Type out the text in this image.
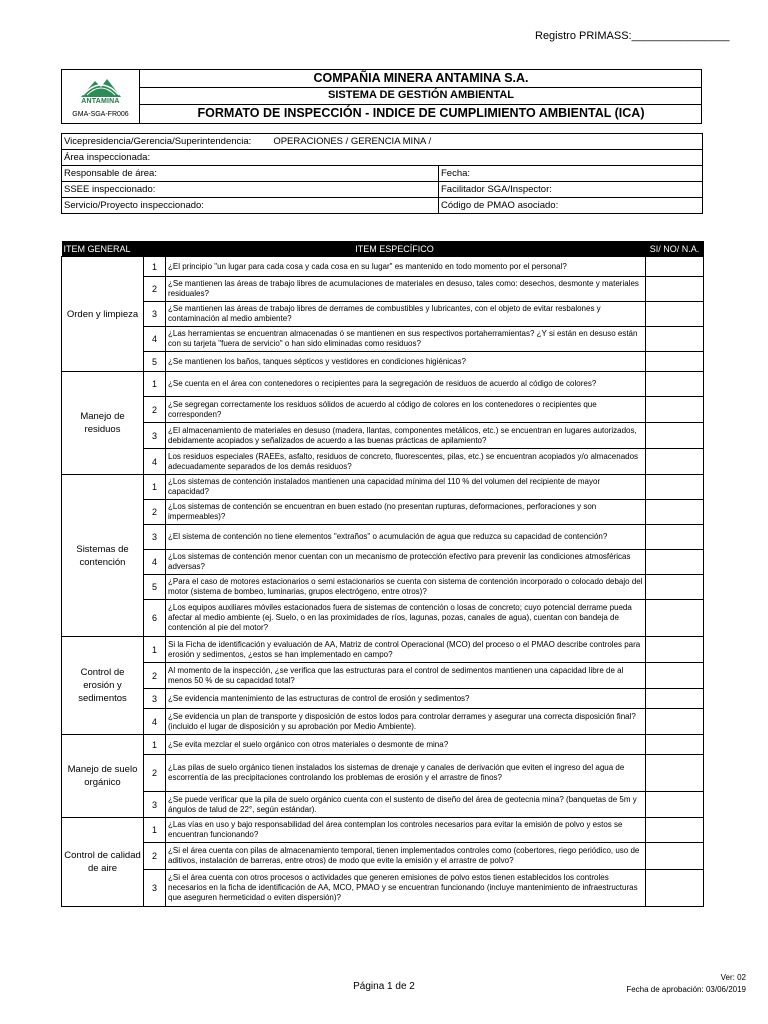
Registro PRIMASS:________________
ANTAMINA
GMA-SGA-FR006
COMPAÑIA MINERA ANTAMINA S.A.
SISTEMA DE GESTIÓN AMBIENTAL
FORMATO DE INSPECCIÓN - INDICE DE CUMPLIMIENTO AMBIENTAL (ICA)
Vicepresidencia/Gerencia/Superintendencia: OPERACIONES / GERENCIA MINA /	
Área inspeccionada:	
Responsable de área:	Fecha:
SSEE inspeccionado:	Facilitador SGA/Inspector:
Servicio/Proyecto inspeccionado:	Código de PMAO asociado:
ITEM GENERAL	ITEM ESPECÍFICO		SI/ NO/ N.A.
Orden y limpieza	1	¿El principio "un lugar para cada cosa y cada cosa en su lugar" es mantenido en todo momento por el personal?	
	2	¿Se mantienen las áreas de trabajo libres de acumulaciones de materiales en desuso, tales como: desechos, desmonte y materiales residuales?	
	3	¿Se mantienen las áreas de trabajo libres de derrames de combustibles y lubricantes, con el objeto de evitar resbalones y contaminación al medio ambiente?	
	4	¿Las herramientas se encuentran almacenadas ó se mantienen en sus respectivos portaherramientas? ¿Y si están en desuso están con su tarjeta "fuera de servicio" o han sido eliminadas como residuos?	
	5	¿Se mantienen los baños, tanques sépticos y vestidores en condiciones higiénicas?	
Manejo de residuos	1	¿Se cuenta en el área con contenedores o recipientes para la segregación de residuos de acuerdo al código de colores?	
	2	¿Se segregan correctamente los residuos sólidos de acuerdo al código de colores en los contenedores o recipientes que corresponden?	
	3	¿El almacenamiento de materiales en desuso (madera, llantas, componentes metálicos, etc.) se encuentran en lugares autorizados, debidamente acopiados y señalizados de acuerdo a las buenas prácticas de apilamiento?	
	4	Los residuos especiales (RAEEs, asfalto, residuos de concreto, fluorescentes, pilas, etc.) se encuentran acopiados y/o almacenados adecuadamente separados de los demás residuos?	
Sistemas de contención	1	¿Los sistemas de contención instalados mantienen una capacidad mínima del 110 % del volumen del recipiente de mayor capacidad?	
	2	¿Los sistemas de contención se encuentran en buen estado (no presentan rupturas, deformaciones, perforaciones y son impermeables)?	
	3	¿El sistema de contención no tiene elementos "extraños" o acumulación de agua que reduzca su capacidad de contención?	
	4	¿Los sistemas de contención menor cuentan con un mecanismo de protección efectivo para prevenir las condiciones atmosféricas adversas?	
	5	¿Para el caso de motores estacionarios o semi estacionarios se cuenta con sistema de contención incorporado o colocado debajo del motor (sistema de bombeo, luminarias, grupos electrógeno, entre otros)?	
	6	¿Los equipos auxiliares móviles estacionados fuera de sistemas de contención o losas de concreto; cuyo potencial derrame pueda afectar al medio ambiente (ej. Suelo, o en las proximidades de ríos, lagunas, pozas, canales de agua), cuentan con bandeja de contención al pie del motor?	
Control de erosión y sedimentos	1	Si la Ficha de identificación y evaluación de AA, Matriz de control Operacional (MCO) del proceso o el PMAO describe controles para erosión y sedimentos, ¿estos se han implementado en campo?	
	2	Al momento de la inspección, ¿se verifica que las estructuras para el control de sedimentos mantienen una capacidad libre de al menos 50 % de su capacidad total?	
	3	¿Se evidencia mantenimiento de las estructuras de control de erosión y sedimentos?	
	4	¿Se evidencia un plan de transporte y disposición de estos lodos para controlar derrames y asegurar una correcta disposición final? (incluido el lugar de disposición y su aprobación por Medio Ambiente).	
Manejo de suelo orgánico	1	¿Se evita mezclar el suelo orgánico con otros materiales o desmonte de mina?	
	2	¿Las pilas de suelo orgánico tienen instalados los sistemas de drenaje y canales de derivación que eviten el ingreso del agua de escorrentía de las precipitaciones controlando los problemas de erosión y el arrastre de finos?	
	3	¿Se puede verificar que la pila de suelo orgánico cuenta con el sustento de diseño del área de geotecnia mina? (banquetas de 5m y ángulos de talud de 22°, según estándar).	
Control de calidad de aire	1	¿Las vías en uso y bajo responsabilidad del área contemplan los controles necesarios para evitar la emisión de polvo y estos se encuentran funcionando?	
	2	¿Si el área cuenta con pilas de almacenamiento temporal, tienen implementados controles como (cobertores, riego periódico, uso de aditivos, instalación de barreras, entre otros) de modo que evite la emisión y el arrastre de polvo?	
	3	¿Si el área cuenta con otros procesos o actividades que generen emisiones de polvo estos tienen establecidos los controles necesarios en la ficha de identificación de AA, MCO, PMAO y se encuentran funcionando (incluye mantenimiento de infraestructuras que aseguren hermeticidad o eviten dispersión)?	
Página 1 de 2
Ver: 02
Fecha de aprobación: 03/06/2019
